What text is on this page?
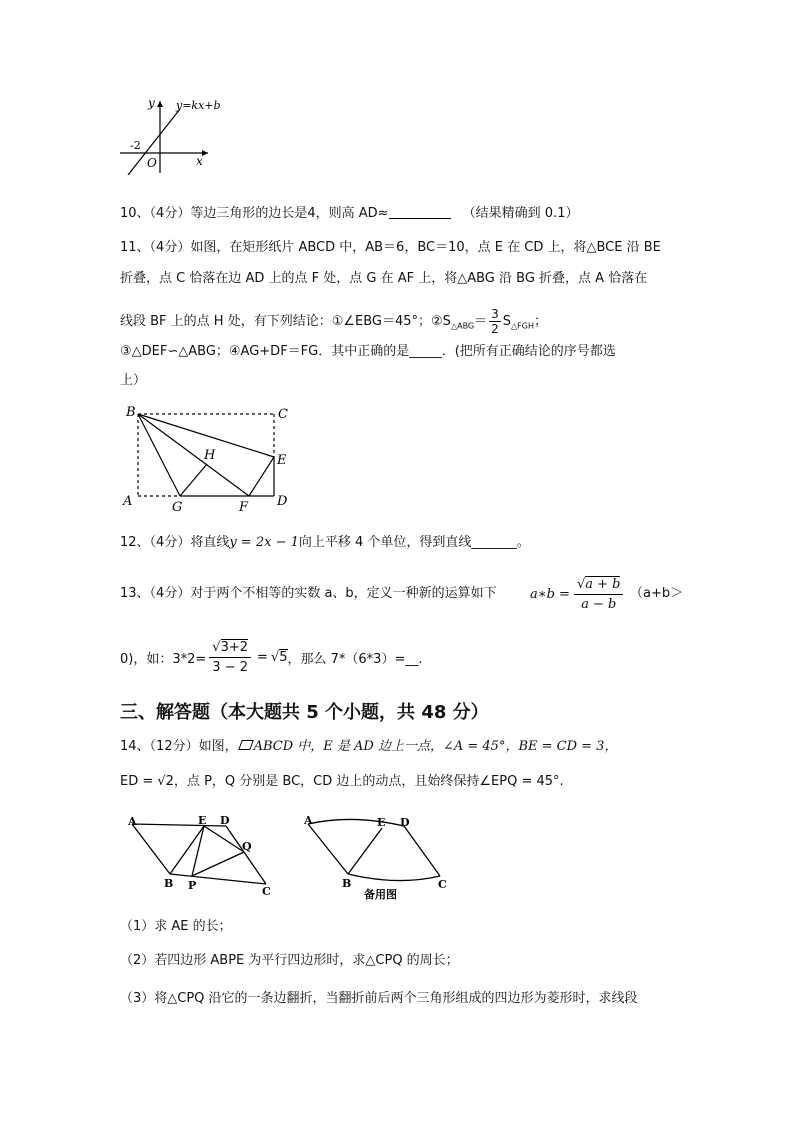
y
x
O
-2
y=kx+b
10、（4分）等边三角形的边长是4，则高 AD≈	（结果精确到 0.1）
11、（4分）如图，在矩形纸片 ABCD 中，AB＝6，BC＝10，点 E 在 CD 上，将△BCE 沿 BE
折叠，点 C 恰落在边 AD 上的点 F 处，点 G 在 AF 上，将△ABG 沿 BG 折叠，点 A 恰落在
线段 BF 上的点 H 处，有下列结论：①∠EBG＝45°；$②S_{\triangle ABG}= \frac{3}{2} S_{\triangle FGH}$；
③△DEF∽△ABG；④AG+DF＝FG．其中正确的是_____．(把所有正确结论的序号都选
上）
B	C
H	E
A	G	F D
12、（4分）将直线y = 2x − 1向上平移 4 个单位，得到直线_______。
13、（4分）对于两个不相等的实数 a、b，定义一种新的运算如下	a∗b = $\frac{√a + b}{a - b} (a+b>$
0)，如：$3*2= \frac{√3+2}{3 - 2}$ = √ 5 ，那么 7*（6*3）=__.
三、解答题（本大题共 5 个小题，共 48 分）
14、（12分）如图， ABCD 中，E 是 AD 边上一点，∠A = 45°，BE = CD = 3，
ED = √2，点 P，Q 分别是 BC，CD 边上的动点，且始终保持∠EPQ = 45°.
A	E D
Q
B P	C
A	E D
B	C
备用图
（1）求 AE 的长；
（2）若四边形 ABPE 为平行四边形时，求△CPQ 的周长；
（3）将△CPQ 沿它的一条边翻折，当翻折前后两个三角形组成的四边形为菱形时，求线段
